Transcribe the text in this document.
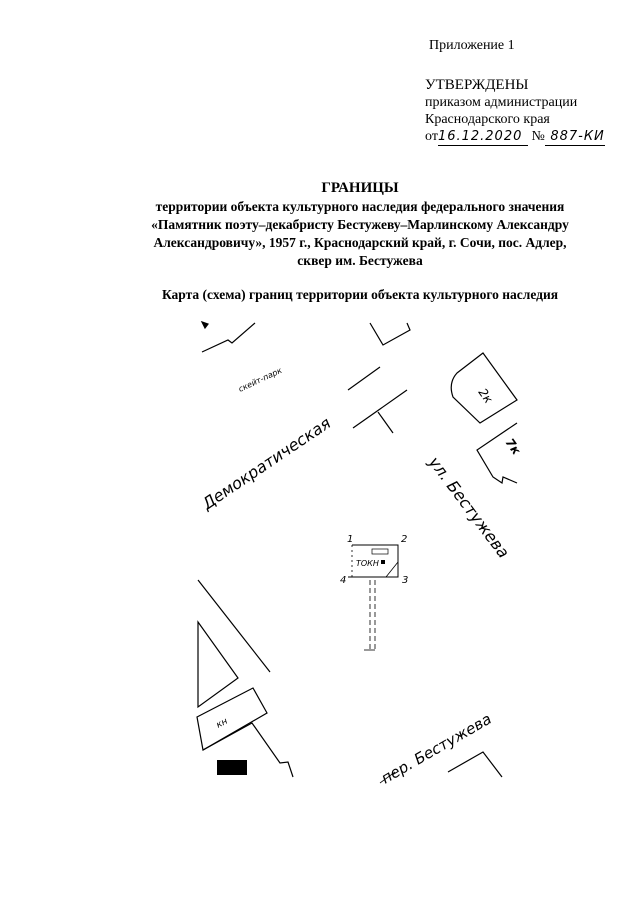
Приложение 1
УТВЕРЖДЕНЫ
приказом администрации
Краснодарского края
от16.12.2020 № 887-КИ
ГРАНИЦЫ
территории объекта культурного наследия федерального значения
«Памятник поэту–декабристу Бестужеву–Марлинскому Александру
Александровичу», 1957 г., Краснодарский край, г. Сочи, пос. Адлер,
сквер им. Бестужева
Карта (схема) границ территории объекта культурного наследия
скейт-парк
2к
7к
Демократическая	ул. Бестужева
ТОКН
1	2
3
4
кн	пер. Бестужева
